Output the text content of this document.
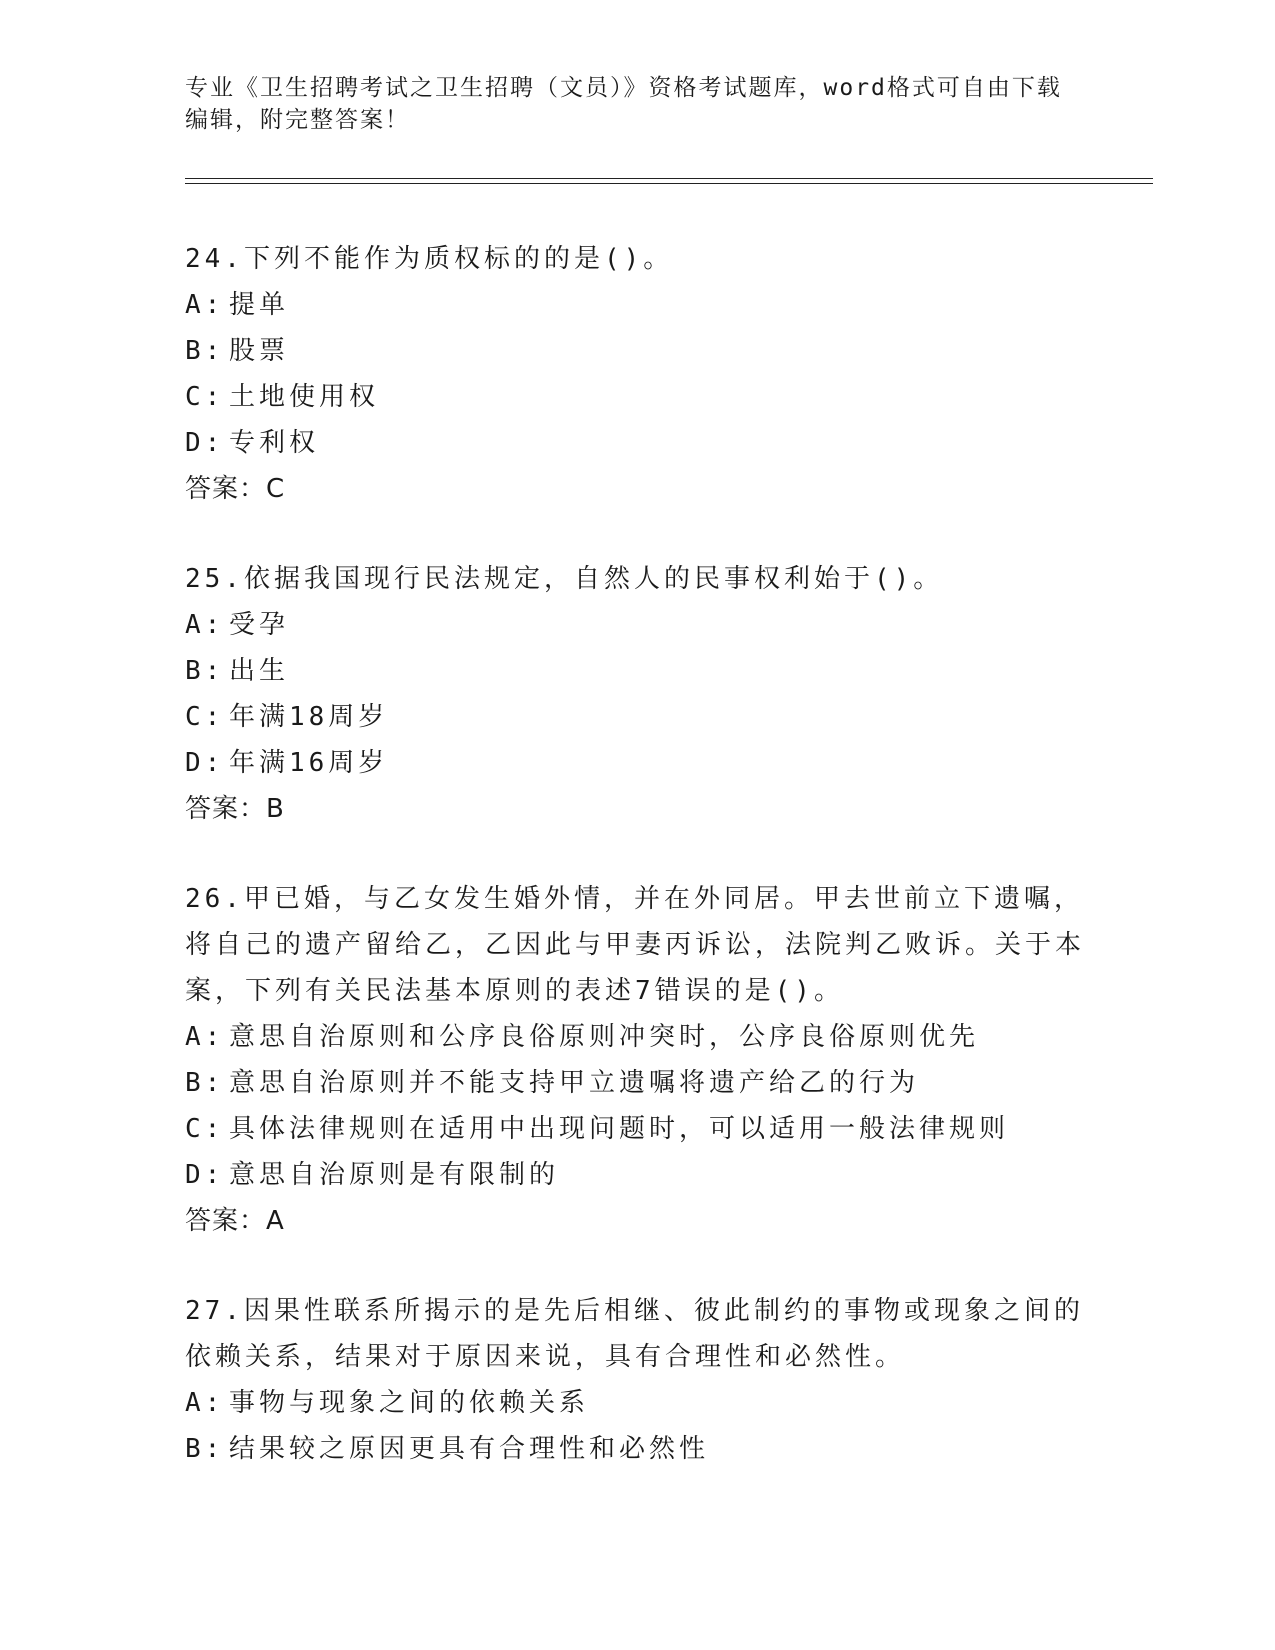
专业《卫生招聘考试之卫生招聘（文员）》资格考试题库，word格式可自由下载
编辑，附完整答案！
24.下列不能作为质权标的的是()。
A: 提单
B: 股票
C: 土地使用权
D: 专利权
答案：C
25.依据我国现行民法规定，自然人的民事权利始于()。
A: 受孕
B: 出生
C: 年满18周岁
D: 年满16周岁
答案：B
26.甲已婚，与乙女发生婚外情，并在外同居。甲去世前立下遗嘱，将自己的遗产留给乙，乙因此与甲妻丙诉讼，法院判乙败诉。关于本案，下列有关民法基本原则的表述7错误的是()。
A: 意思自治原则和公序良俗原则冲突时，公序良俗原则优先
B: 意思自治原则并不能支持甲立遗嘱将遗产给乙的行为
C: 具体法律规则在适用中出现问题时，可以适用一般法律规则
D: 意思自治原则是有限制的
答案：A
27.因果性联系所揭示的是先后相继、彼此制约的事物或现象之间的依赖关系，结果对于原因来说，具有合理性和必然性。
A: 事物与现象之间的依赖关系
B: 结果较之原因更具有合理性和必然性
